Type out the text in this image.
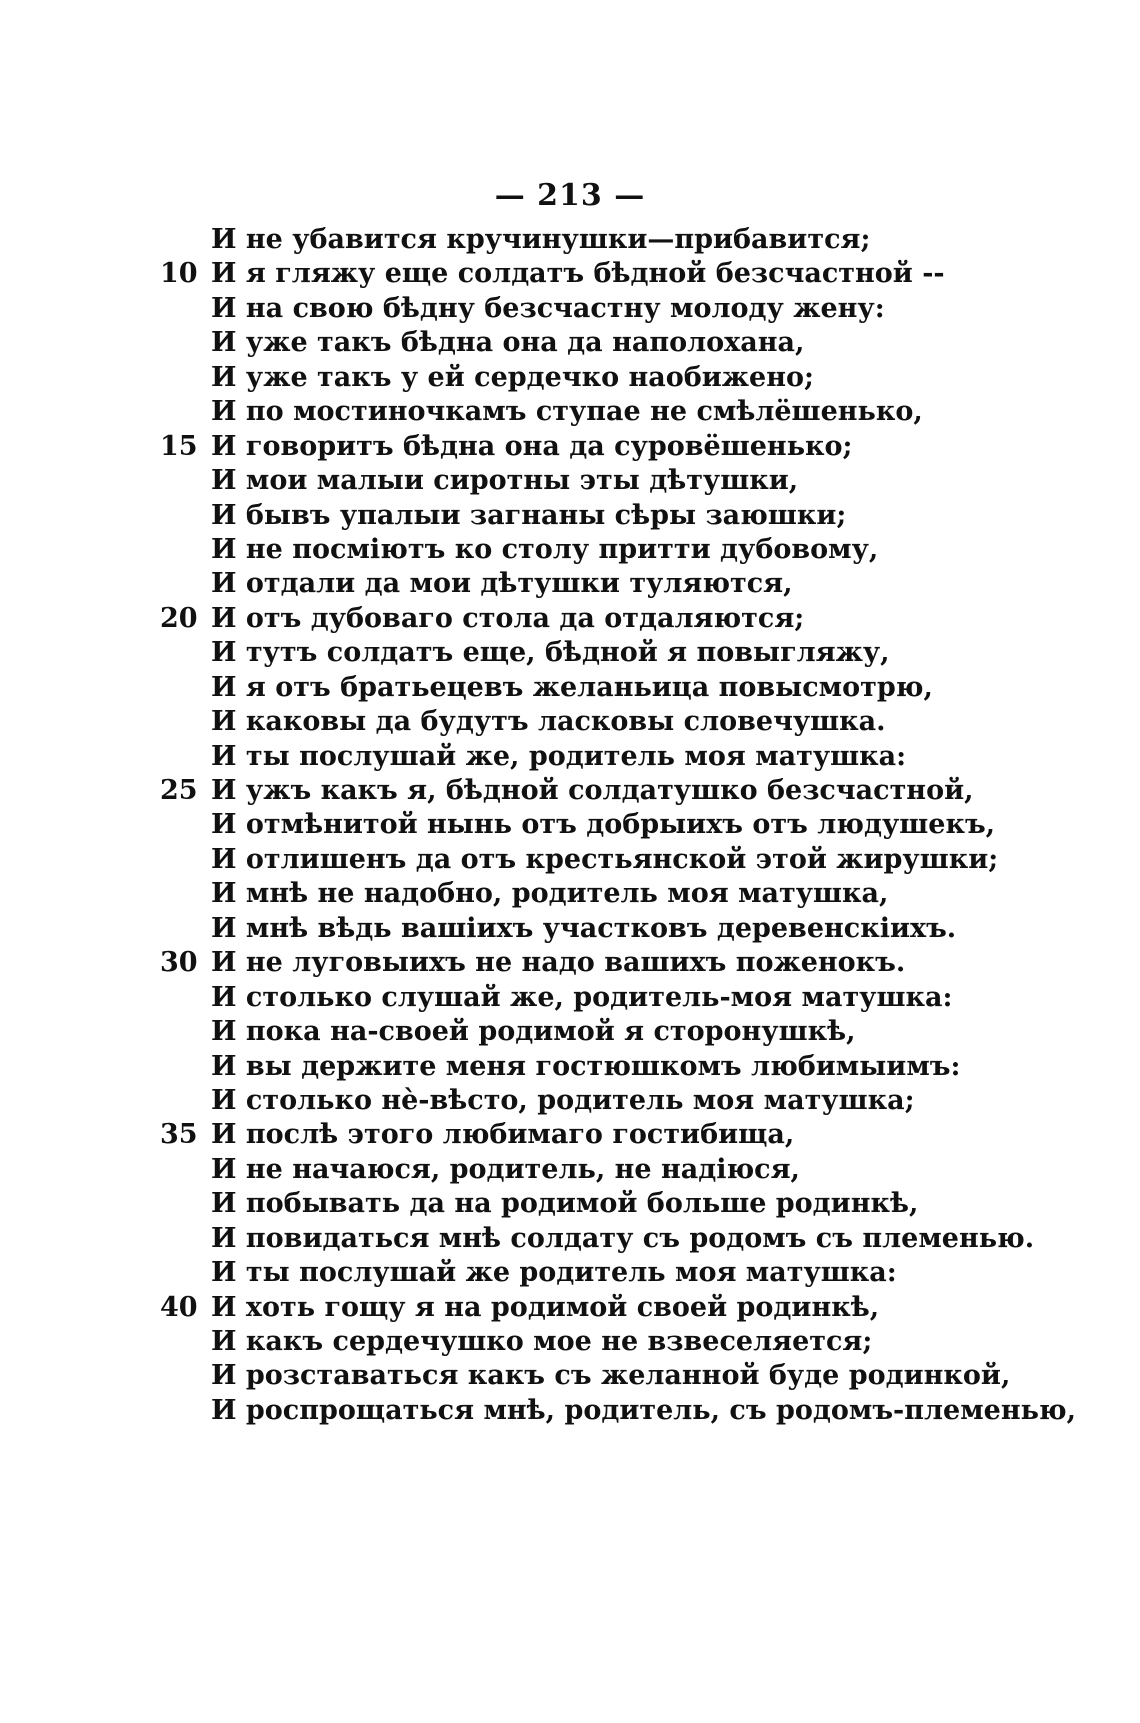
— 213 —
И не убавится кручинушки—прибавится;
10 И я гляжу еще солдатъ бѣдной безсчастной --
И на свою бѣдну безсчастну молоду жену:
И уже такъ бѣдна она да наполохана,
И уже такъ у ей сердечко наобижено;
И по мостиночкамъ ступае не смѣлёшенько,
15 И говоритъ бѣдна она да суровёшенько;
И мои малыи сиротны эты дѣтушки,
И бывъ упалыи загнаны сѣры заюшки;
И не посмiютъ ко столу притти дубовому,
И отдали да мои дѣтушки туляются,
20 И отъ дубоваго стола да отдаляются;
И тутъ солдатъ еще, бѣдной я повыгляжу,
И я отъ братьецевъ желаньица повысмотрю,
И каковы да будутъ ласковы словечушка.
И ты послушай же, родитель моя матушка:
25 И ужъ какъ я, бѣдной солдатушко безсчастной,
И отмѣнитой нынь отъ добрыихъ отъ людушекъ,
И отлишенъ да отъ крестьянской этой жирушки;
И мнѣ не надобно, родитель моя матушка,
И мнѣ вѣдь вашiихъ участковъ деревенскiихъ.
30 И не луговыихъ не надо вашихъ поженокъ.
И столько слушай же, родитель-моя матушка:
И пока на-своей родимой я сторонушкѣ,
И вы держите меня гостюшкомъ любимыимъ:
И столько нѐ-вѣсто, родитель моя матушка;
35 И послѣ этого любимаго гостибища,
И не начаюся, родитель, не надiюся,
И побывать да на родимой больше родинкѣ,
И повидаться мнѣ солдату съ родомъ съ племенью.
И ты послушай же родитель моя матушка:
40 И хоть гощу я на родимой своей родинкѣ,
И какъ сердечушко мое не взвеселяется;
И розставаться какъ съ желанной буде родинкой,
И роспрощаться мнѣ, родитель, съ родомъ-племенью,
